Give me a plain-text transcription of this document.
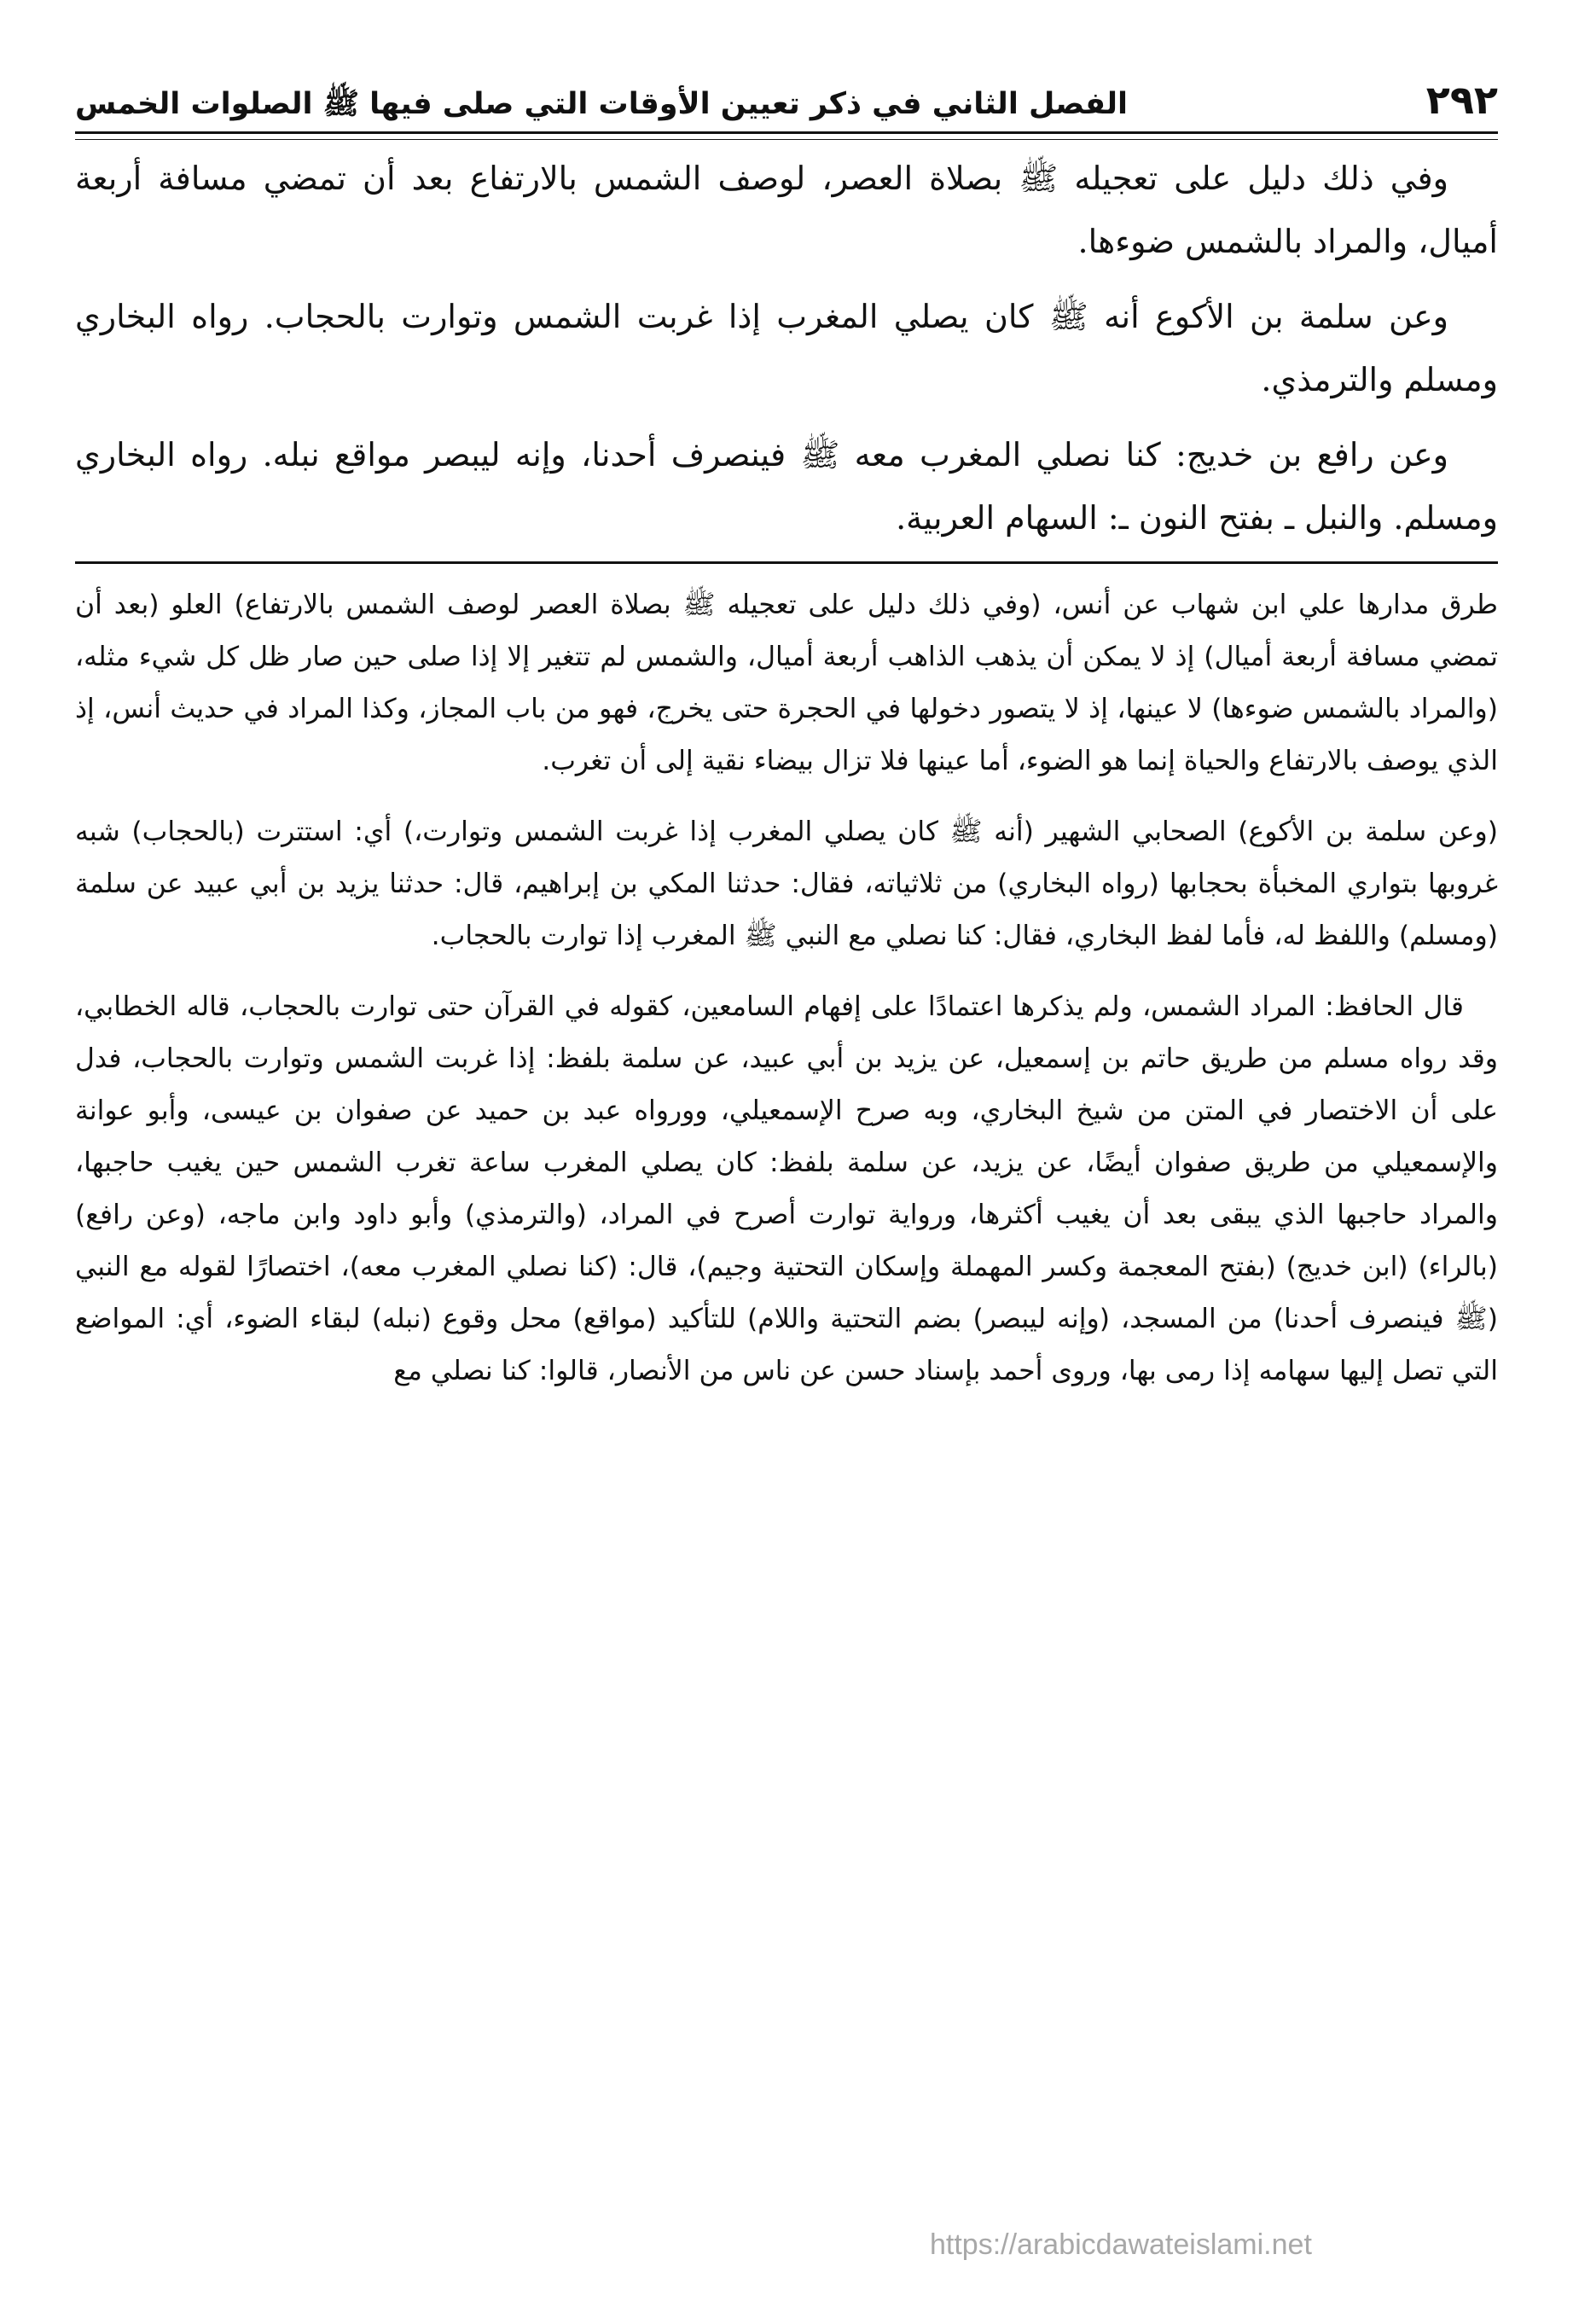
٢٩٢
الفصل الثاني في ذكر تعيين الأوقات التي صلى فيها ﷺ الصلوات الخمس

وفي ذلك دليل على تعجيله ﷺ بصلاة العصر، لوصف الشمس بالارتفاع بعد أن تمضي مسافة أربعة أميال، والمراد بالشمس ضوءها.

وعن سلمة بن الأكوع أنه ﷺ كان يصلي المغرب إذا غربت الشمس وتوارت بالحجاب. رواه البخاري ومسلم والترمذي.

وعن رافع بن خديج: كنا نصلي المغرب معه ﷺ فينصرف أحدنا، وإنه ليبصر مواقع نبله. رواه البخاري ومسلم. والنبل ـ بفتح النون ـ: السهام العربية.

طرق مدارها علي ابن شهاب عن أنس، (وفي ذلك دليل على تعجيله ﷺ بصلاة العصر لوصف الشمس بالارتفاع) العلو (بعد أن تمضي مسافة أربعة أميال) إذ لا يمكن أن يذهب الذاهب أربعة أميال، والشمس لم تتغير إلا إذا صلى حين صار ظل كل شيء مثله، (والمراد بالشمس ضوءها) لا عينها، إذ لا يتصور دخولها في الحجرة حتى يخرج، فهو من باب المجاز، وكذا المراد في حديث أنس، إذ الذي يوصف بالارتفاع والحياة إنما هو الضوء، أما عينها فلا تزال بيضاء نقية إلى أن تغرب.

(وعن سلمة بن الأكوع) الصحابي الشهير (أنه ﷺ كان يصلي المغرب إذا غربت الشمس وتوارت،) أي: استترت (بالحجاب) شبه غروبها بتواري المخبأة بحجابها (رواه البخاري) من ثلاثياته، فقال: حدثنا المكي بن إبراهيم، قال: حدثنا يزيد بن أبي عبيد عن سلمة (ومسلم) واللفظ له، فأما لفظ البخاري، فقال: كنا نصلي مع النبي ﷺ المغرب إذا توارت بالحجاب.

قال الحافظ: المراد الشمس، ولم يذكرها اعتمادًا على إفهام السامعين، كقوله في القرآن حتى توارت بالحجاب، قاله الخطابي، وقد رواه مسلم من طريق حاتم بن إسمعيل، عن يزيد بن أبي عبيد، عن سلمة بلفظ: إذا غربت الشمس وتوارت بالحجاب، فدل على أن الاختصار في المتن من شيخ البخاري، وبه صرح الإسمعيلي، وورواه عبد بن حميد عن صفوان بن عيسى، وأبو عوانة والإسمعيلي من طريق صفوان أيضًا، عن يزيد، عن سلمة بلفظ: كان يصلي المغرب ساعة تغرب الشمس حين يغيب حاجبها، والمراد حاجبها الذي يبقى بعد أن يغيب أكثرها، ورواية توارت أصرح في المراد، (والترمذي) وأبو داود وابن ماجه، (وعن رافع) (بالراء) (ابن خديج) (بفتح المعجمة وكسر المهملة وإسكان التحتية وجيم)، قال: (كنا نصلي المغرب معه)، اختصارًا لقوله مع النبي (ﷺ فينصرف أحدنا) من المسجد، (وإنه ليبصر) بضم التحتية واللام) للتأكيد (مواقع) محل وقوع (نبله) لبقاء الضوء، أي: المواضع التي تصل إليها سهامه إذا رمى بها، وروى أحمد بإسناد حسن عن ناس من الأنصار، قالوا: كنا نصلي مع

https://arabicdawateislami.net
